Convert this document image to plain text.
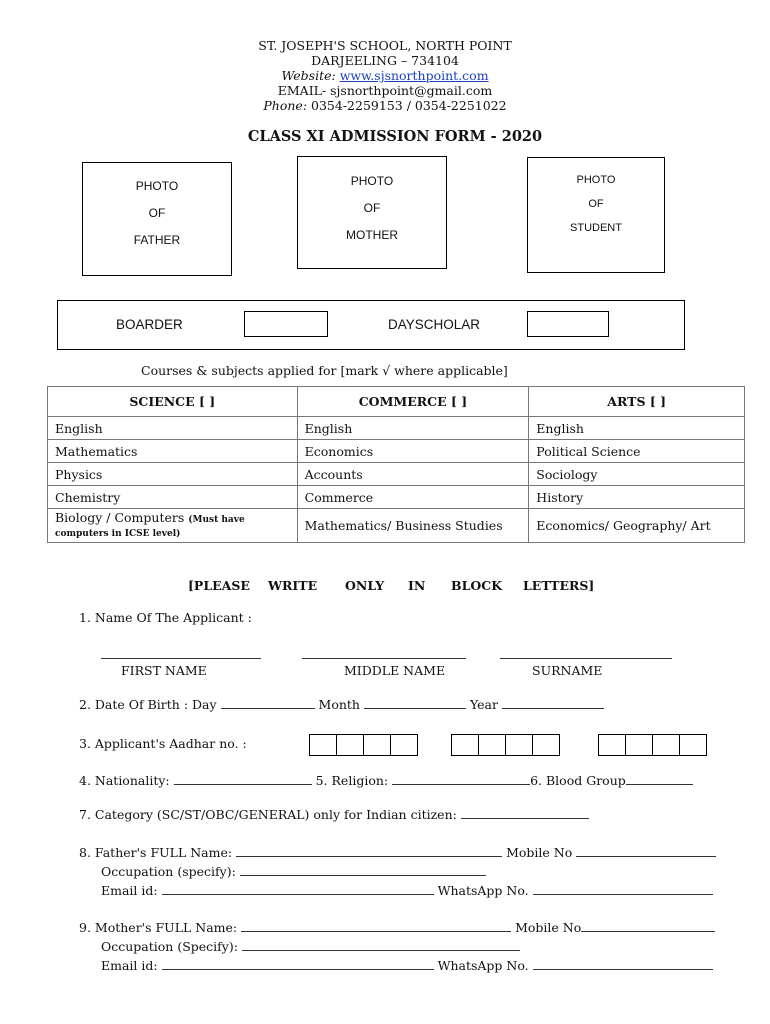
ST. JOSEPH'S SCHOOL, NORTH POINT
DARJEELING – 734104
Website: www.sjsnorthpoint.com
EMAIL- sjsnorthpoint@gmail.com
Phone: 0354-2259153 / 0354-2251022
CLASS XI ADMISSION FORM - 2020
PHOTO
OF
FATHER
PHOTO
OF
MOTHER
PHOTO
OF
STUDENT
BOARDER	DAYSCHOLAR
Courses & subjects applied for [mark √ where applicable]
SCIENCE [ ]	COMMERCE [ ]	ARTS [ ]
English	English	English
Mathematics	Economics	Political Science
Physics	Accounts	Sociology
Chemistry	Commerce	History
Biology / Computers (Must have
computers in ICSE level)	Mathematics/ Business Studies	Economics/ Geography/ Art
[PLEASE WRITE ONLY IN BLOCK LETTERS]
1. Name Of The Applicant :
FIRST NAME	MIDDLE NAME	SURNAME
2. Date Of Birth : Day	Month	Year
3. Applicant's Aadhar no. :
4. Nationality:	5. Religion:	6. Blood Group
7. Category (SC/ST/OBC/GENERAL) only for Indian citizen:
8. Father's FULL Name:	Mobile No
Occupation (specify):
Email id:	WhatsApp No.
9. Mother's FULL Name:	Mobile No
Occupation (Specify):
Email id:	WhatsApp No.
